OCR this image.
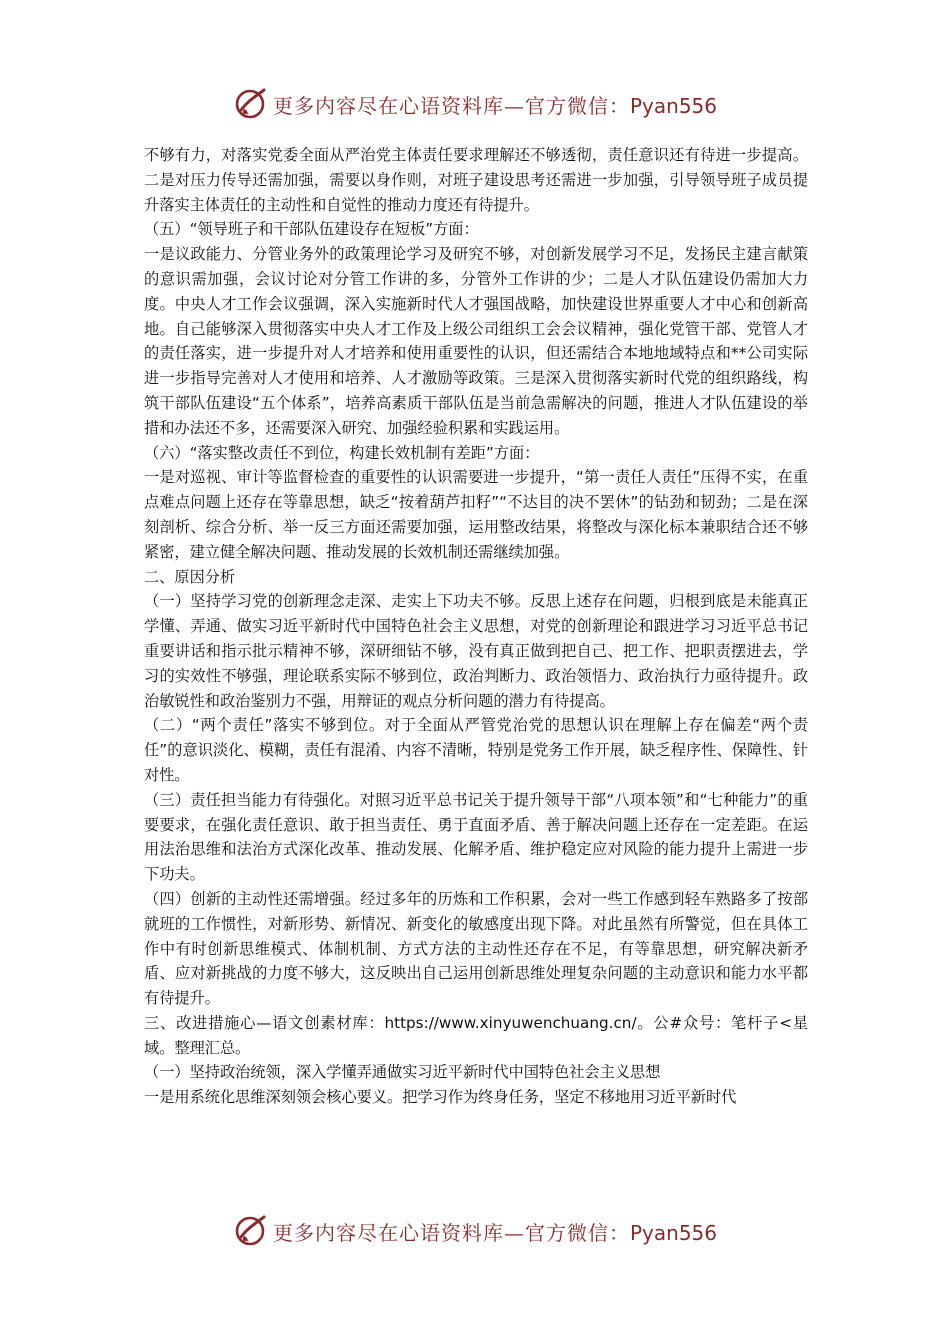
更多内容尽在心语资料库—官方微信：Pyan556

不够有力，对落实党委全面从严治党主体责任要求理解还不够透彻，责任意识还有待进一步提高。二是对压力传导还需加强，需要以身作则，对班子建设思考还需进一步加强，引导领导班子成员提升落实主体责任的主动性和自觉性的推动力度还有待提升。

（五）“领导班子和干部队伍建设存在短板”方面：

一是议政能力、分管业务外的政策理论学习及研究不够，对创新发展学习不足，发扬民主建言献策的意识需加强，会议讨论对分管工作讲的多，分管外工作讲的少；二是人才队伍建设仍需加大力度。中央人才工作会议强调，深入实施新时代人才强国战略，加快建设世界重要人才中心和创新高地。自己能够深入贯彻落实中央人才工作及上级公司组织工会会议精神，强化党管干部、党管人才的责任落实，进一步提升对人才培养和使用重要性的认识，但还需结合本地地域特点和**公司实际进一步指导完善对人才使用和培养、人才激励等政策。三是深入贯彻落实新时代党的组织路线，构筑干部队伍建设“五个体系”，培养高素质干部队伍是当前急需解决的问题，推进人才队伍建设的举措和办法还不多，还需要深入研究、加强经验积累和实践运用。

（六）“落实整改责任不到位，构建长效机制有差距”方面：

一是对巡视、审计等监督检查的重要性的认识需要进一步提升，“第一责任人责任”压得不实，在重点难点问题上还存在等靠思想，缺乏“按着葫芦扣籽”“不达目的决不罢休”的钻劲和韧劲；二是在深刻剖析、综合分析、举一反三方面还需要加强，运用整改结果，将整改与深化标本兼职结合还不够紧密，建立健全解决问题、推动发展的长效机制还需继续加强。

二、原因分析

（一）坚持学习党的创新理念走深、走实上下功夫不够。反思上述存在问题，归根到底是未能真正学懂、弄通、做实习近平新时代中国特色社会主义思想，对党的创新理论和跟进学习习近平总书记重要讲话和指示批示精神不够，深研细钻不够，没有真正做到把自己、把工作、把职责摆进去，学习的实效性不够强，理论联系实际不够到位，政治判断力、政治领悟力、政治执行力亟待提升。政治敏锐性和政治鉴别力不强，用辩证的观点分析问题的潜力有待提高。

（二）“两个责任”落实不够到位。对于全面从严管党治党的思想认识在理解上存在偏差“两个责任”的意识淡化、模糊，责任有混淆、内容不清晰，特别是党务工作开展，缺乏程序性、保障性、针对性。

（三）责任担当能力有待强化。对照习近平总书记关于提升领导干部“八项本领”和“七种能力”的重要要求，在强化责任意识、敢于担当责任、勇于直面矛盾、善于解决问题上还存在一定差距。在运用法治思维和法治方式深化改革、推动发展、化解矛盾、维护稳定应对风险的能力提升上需进一步下功夫。

（四）创新的主动性还需增强。经过多年的历炼和工作积累，会对一些工作感到轻车熟路多了按部就班的工作惯性，对新形势、新情况、新变化的敏感度出现下降。对此虽然有所警觉，但在具体工作中有时创新思维模式、体制机制、方式方法的主动性还存在不足，有等靠思想，研究解决新矛盾、应对新挑战的力度不够大，这反映出自己运用创新思维处理复杂问题的主动意识和能力水平都有待提升。

三、改进措施心—语文创素材库：https://www.xinyuwenchuang.cn/。公#众号：笔杆子<星域。整理汇总。

（一）坚持政治统领，深入学懂弄通做实习近平新时代中国特色社会主义思想

一是用系统化思维深刻领会核心要义。把学习作为终身任务，坚定不移地用习近平新时代

更多内容尽在心语资料库—官方微信：Pyan556
